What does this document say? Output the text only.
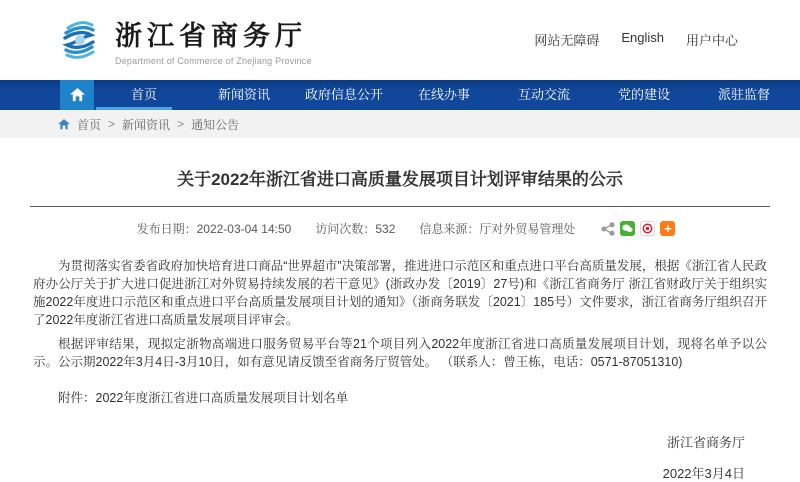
浙江省商务厅
Department of Commerce of Zhejiang Province
网站无障碍 English 用户中心
首页	新闻资讯	政府信息公开	在线办事	互动交流	党的建设	派驻监督
首页 > 新闻资讯 > 通知公告
关于2022年浙江省进口高质量发展项目计划评审结果的公示
发布日期：2022-03-04 14:50 访问次数：532 信息来源：厅对外贸易管理处	+

为贯彻落实省委省政府加快培育进口商品“世界超市”决策部署，推进进口示范区和重点进口平台高质量发展，根据《浙江省人民政府办公厅关于扩大进口促进浙江对外贸易持续发展的若干意见》(浙政办发〔2019〕27号)和《浙江省商务厅 浙江省财政厅关于组织实施2022年度进口示范区和重点进口平台高质量发展项目计划的通知》（浙商务联发〔2021〕185号）文件要求，浙江省商务厅组织召开了2022年度浙江省进口高质量发展项目评审会。

根据评审结果，现拟定浙物高端进口服务贸易平台等21个项目列入2022年度浙江省进口高质量发展项目计划，现将名单予以公示。公示期2022年3月4日-3月10日，如有意见请反馈至省商务厅贸管处。 （联系人：曾王栋，电话：0571-87051310)

附件：2022年度浙江省进口高质量发展项目计划名单
浙江省商务厅
2022年3月4日
